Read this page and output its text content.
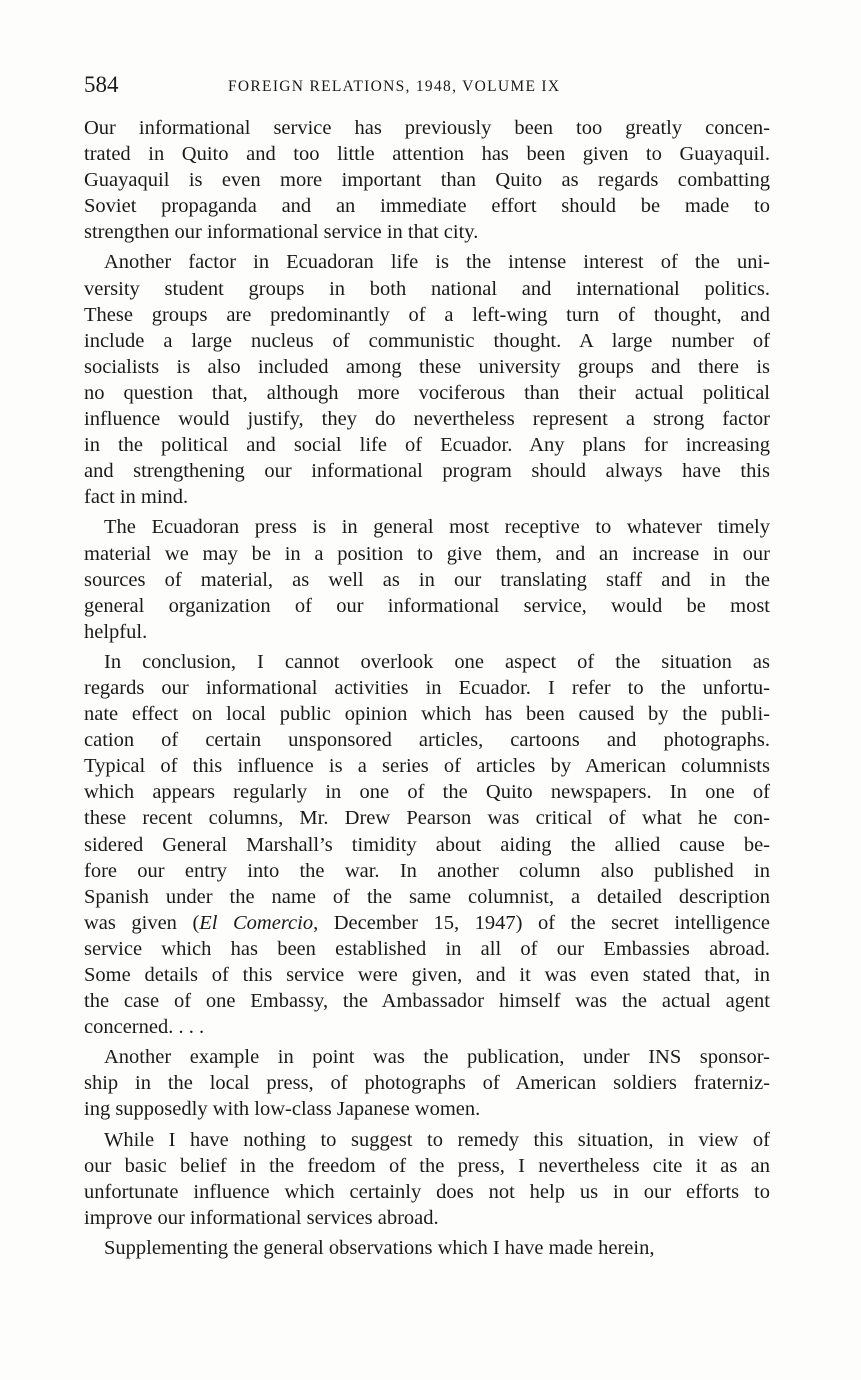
584	FOREIGN RELATIONS, 1948, VOLUME IX
Our informational service has previously been too greatly concen-
trated in Quito and too little attention has been given to Guayaquil.
Guayaquil is even more important than Quito as regards combatting
Soviet propaganda and an immediate effort should be made to
strengthen our informational service in that city.
Another factor in Ecuadoran life is the intense interest of the uni-
versity student groups in both national and international politics.
These groups are predominantly of a left-wing turn of thought, and
include a large nucleus of communistic thought. A large number of
socialists is also included among these university groups and there is
no question that, although more vociferous than their actual political
influence would justify, they do nevertheless represent a strong factor
in the political and social life of Ecuador. Any plans for increasing
and strengthening our informational program should always have this
fact in mind.
The Ecuadoran press is in general most receptive to whatever timely
material we may be in a position to give them, and an increase in our
sources of material, as well as in our translating staff and in the
general organization of our informational service, would be most
helpful.
In conclusion, I cannot overlook one aspect of the situation as
regards our informational activities in Ecuador. I refer to the unfortu-
nate effect on local public opinion which has been caused by the publi-
cation of certain unsponsored articles, cartoons and photographs.
Typical of this influence is a series of articles by American columnists
which appears regularly in one of the Quito newspapers. In one of
these recent columns, Mr. Drew Pearson was critical of what he con-
sidered General Marshall’s timidity about aiding the allied cause be-
fore our entry into the war. In another column also published in
Spanish under the name of the same columnist, a detailed description
was given (El Comercio, December 15, 1947) of the secret intelligence
service which has been established in all of our Embassies abroad.
Some details of this service were given, and it was even stated that, in
the case of one Embassy, the Ambassador himself was the actual agent
concerned. . . .
Another example in point was the publication, under INS sponsor-
ship in the local press, of photographs of American soldiers fraterniz-
ing supposedly with low-class Japanese women.
While I have nothing to suggest to remedy this situation, in view of
our basic belief in the freedom of the press, I nevertheless cite it as an
unfortunate influence which certainly does not help us in our efforts to
improve our informational services abroad.
Supplementing the general observations which I have made herein,
